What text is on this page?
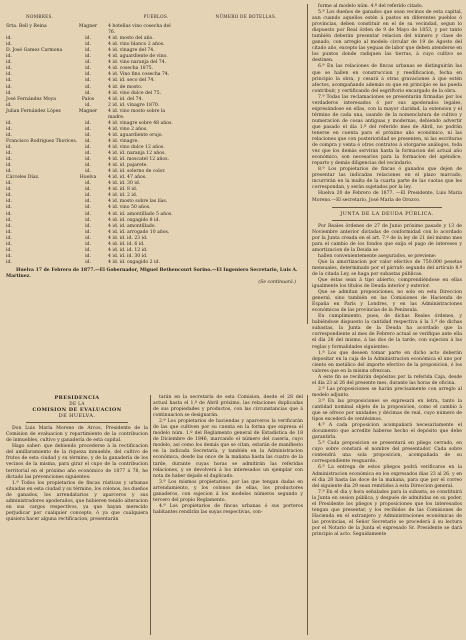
NOMBRES.	PUEBLOS.	NÚMERO DE BOTELLAS.
Srta. Bell y Reina	Magner	4 botellas vino cosecha del
76.
id.	id.	4 id. mosto del año.
id.	id.	4 id. vino blanco 2 años.
D. José Gamez Carmona	id.	4 id. vinagre del 74.
id.	id.	4 id. aguardiente de vino.
id.	id.	4 id. vino naranja del 74.
id.	id.	4 id. cosecha 1875.
id.	id.	4 id. Vino fino cosecha 74.
id.	id.	4 id. id. seco del 74.
id.	id.	4 id. de mosto.
id.	id.	4 id. vino dulce del 75.
José Fernández Moya	Palos	4 id. id. del 74.
id.	id.	2 id. id. vinagre 1870.
Julian Fernández López	Magner	4 id. vino mosto sobre la
madre.
id.	id.	4 id. vinagre sobre 48 años.
id.	id.	4 id. vino 2 años.
id.	id.	4 id. aguardiente orujo.
Francisco Rodriguez Thorices.	id.	4 id. vinagre.
id.	id.	4 id. vino dulce 12 años.
id.	id.	4 id. id. naranja 12 años.
id.	id.	4 id. id. moscatel 12 años.
id.	id.	4 id. id. pajarete.
id.	id.	4 id. id. solerno de color.
Cárceles Díaz.	Huelva	4 id. id. 47 años.
id.	id.	4 id. id. 30 id.
id.	id.	4 id. id. 8 id.
id.	id.	4 id. id. 2 id.
id.	id.	4 id. mosto sobre las lías.
id.	id.	4 id. vino 50 años.
id.	id.	4 id. id. amontillado 5 años.
id.	id.	4 id. id. oxgagido 8 id.
id.	id.	4 id. id. amontillado.
id.	id.	4 id. id. arrogado 10 años.
id.	id.	4 id. id. id. 23 id.
id.	id.	4 id. id. id. 6 id.
id.	id.	4 id. id. id. 12 id.
id.	id.	4 id. id. id. 30 id.
id.	id.	4 id. id. oxgagido 2 id.
Huelva 17 de Febrero de 1877.—El Gobernador, Miguel Bethencourt Sorino.—El Ingeniero Secretario, Luis A. Martinez.
(Se continuará.)
PRESIDENCIA
DE LA
COMISION DE EVALUACION
DE HUELVA.

Don Luis María Moreno de Arcos, Presidente de la Comision de evaluacion y repartimiento de la contribucion de inmuebles, cultivo y ganadería de esta capital.

Hago saber: que debiendo procederse á la rectificacion del amillaramiento de la riqueza inmueble, del cultivo de frutos de esta ciudad y su término, y de la ganadería de los vecinos de la misma, para girar el cupo de la contribucion territorial en el próximo año económico de 1877 á 78, he dictado las prevenciones siguientes:

1.ª Todos los propietarios de fincas rústicas y urbanas situadas en esta ciudad y su término, los colonos, los dueños de ganados, los arrendatarios y aparceros y sus administradores apoderados, que hubieren tenido alteracion en sus cargos respectivos, ya que hayan merecido perjudicar por cualquier concepto, ó ya que cualquiera quisiera hacer alguna rectificacion, presentarán

tarán en la secretaría de esta Comision, desde el 28 del actual hasta el 1.º de Abril próximo, las relaciones duplicadas de sus propiedades y productos, con las circunstancias que á continuacion se designarán.

2.ª Los propietarios de haciendas y aparceros la verificarán de las que cultiven por su cuenta en la forma que expresa el modelo núm. 1.º del Reglamento general de Estadística de 18 de Diciembre de 1846, marcando el número del casería, cuyo modelo, así como los demás que se citan, estarán de manifiesto en la indicada Secretaría, y también en la Administracion económica, desde las once de la mañana hasta las cuatro de la tarde, durante cuyas horas se admitirán las referidas relaciones, y se devolverá á los interesados un ejemplar con nota de haber dejado el duplicado.

3.ª Los mismos propietarios, por las que tengan dadas en arrendamiento, y los colonos de ellas, los productores ganaderos, con sujecion á los modelos números segundo y tercero del propio Reglamento.

4.ª Los propietarios de fincas urbanas ó sus porteros habitantes rendirán las suyas respectivas, con-

forme al modelo núm. 4.º del referido citado.

5.ª Los dueños de ganados que sean vecinos de esta capital, aun cuando aquellos estén á pastos en diferentes pueblos ó provincias, deben constituir en el de su vecindad, segun lo dispuesto por Real órden de 9 de Mayo de 1853, y por tanto también deberán presentar relacion del número y clase de ganado, con arreglo al modelo circular de 19 de Agosto del citado año, excepto las yeguas de labor que deben atenderse en los puntos donde radiquen las tierras, á cuyo cultivo se destinen.

6.ª En las relaciones de fincas urbanas se distinguirán las que se hallen en construccion y reedificacion, fecha en principio la obra, y cesará á otras gravaciones á que estén afectos, acompañando además su que en principio se las pueda contribuir, y certificando del esgriftorio encargado de la obra.

7.ª Todas las reclamaciones se presentarán firmadas por los verdaderos interesados ó por sus apoderados legales, expresándose en ellas, con la mayor claridad, la extension y el término de cada una, usando de la nomenclatura de cultivo y numeracion de cosas antiguas y modernas, debiendo advertir que pasado el dia 1.º del referido mes de Abril, no podrán tenerse en cuenta para el próximo año económico, ni las relaciones que con posterioridad se presenten, ni las escrituras de compra y venta ó otros contratos á otorgarse análogos, toda vez que los demás serviran hasta la formacion del actual año económico, son necesarios para la formacion del apéndice, reparto y demás diligencias del vecindario.

8.ª Los propietarios de fincas ó ganados que dejen de presentar las indicadas relaciones en el plazo marcado, incurrirán en la multa de la cuarta parte de las cuotas que les correspondan, y serán sujetados por la ley.

Huelva 20 de Febrero de 1877. —El Presidente, Luis María Moreno.—El secretario, José María de Orozco.

JUNTA DE LA DEUDA PÚBLICA.

Por Reales órdenes de 27 de Junio próximo pasado y 13 de Noviembre anterior dictadas de conformidad con lo acordado por la Junta creada en el art. 7.º de la ley de 21 del mismo mes para el cambio de los fondos que exija el pago de intereses y amortizacion de la Deuda se

hallen convenientemente asegurados, se previene:

Que la amortizacion por valor efectivo de 750.000 pesetas mensuales, determinado por el párrafo segundo del artículo 8.º de la citada Ley, se haga por subastas públicas.

Que éstas sean á tipo abierto, comprendiéndose en ellas igualmente los títulos de Deuda interior y exterior.

Que se admitan proposiciones, no solo en esta Direccion general, sino también en las Comisiones de Hacienda de España en París y Londres, y en las Administraciones económicas de las provincias de la Península.

En cumplimiento, pues, de dichas Reales órdenes, y habiéndose dispuesto la cantidad respectiva á la 1.ª de dichas subastas, la Junta de la Deuda ha acordado que la correspondiente al mes de Febrero actual se verifique ante ella el día 28 del mismo, á las dos de la tarde, con sujecion á las reglas y formalidades siguientes:

1.ª Los que deseen tomar parte en dicho acto deberán depositar en la caja de la Administracion económica el uno por ciento en metálico del importe efectivo de la proposicion, ó los valores que en la misma ofrezcan.

A este fin se recibirán depósitos por la referida Caja, desde el dia 23 al 26 del presente mes, durante las horas de oficina.

2.ª Las proposiciones se harán precisamente con arreglo al modelo adjunto.

3.ª En las proposiciones se expresará en letra, tanto la cantidad nominal objeto de la proposicion, como el cambio á que se ofrece por unidades y décimas de real, cuyo número de tipos excederá de centésimos.

4.ª A cada proposicion acompañará necesariamente el documento que acredite haberse hecho el depósito que debe garantirla.

5.ª Cada proposicion se presentará en pliego cerrado, en cuyo sobre constará el nombre del presentador. Cada sobre contendrá una sola proposicion, acompañada de su correspondiente resguardo.

6.ª La entrega de estos pliegos podrá verificarse en la Administracion económica en los expresados dias 23 al 26, y en el dia 28 hasta las doce de la mañana, para que por el correo del siguiente dia 29 sean remitidos á esta Direccion general.

7.ª En el dia y hora señalados para la subasta, se constituirá la Junta en sesion pública, y después de admitidas en su poder, el Presidente los pliegos y proposiciones que los interesados tengan que presentar, y los recibidos de las Comisiones de Hacienda en el extranjero y Administraciones económicas de las provincias, el Señor Secretario se procederá á su lectura por el Notario de la Junta el expresado Sr. Presidente se dará principio al acto. Seguidamente
